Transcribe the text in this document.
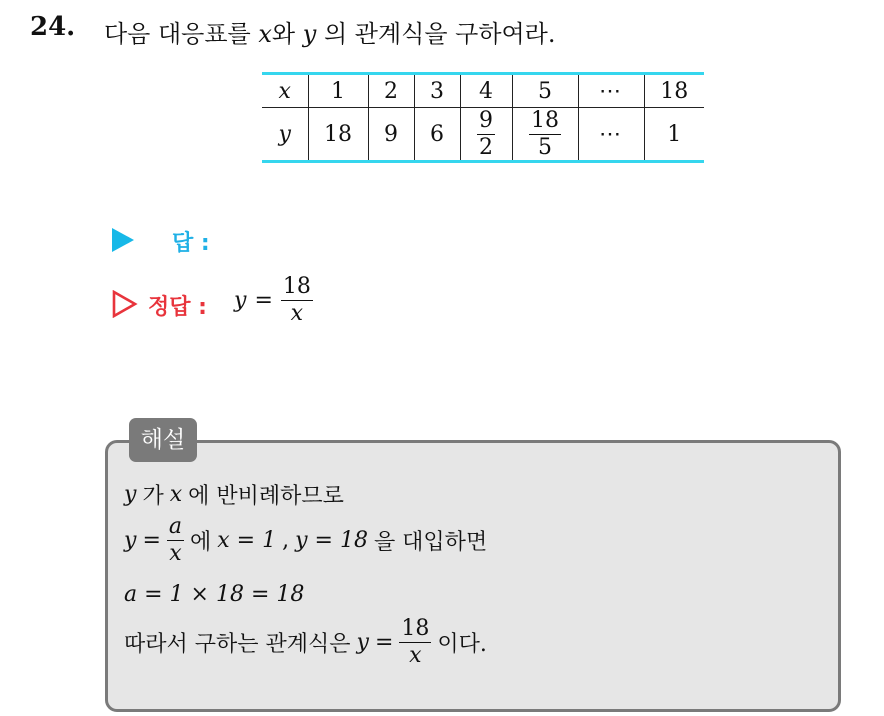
24. 다음 대응표를 x와 y 의 관계식을 구하여라.
x	1	2	3	4	5	⋯	18
y	18	9	6	$\frac{9}{2}$	$\frac{18}{5}$	⋯	1
답 :
정답 : $y = \frac{18}{x}$
해설
y 가 x 에 반비례하므로
$y = \frac{a}{x}$ 에 x = 1 , y = 18 을 대입하면
a = 1 × 18 = 18
따라서 구하는 관계식은 $y = \frac{18}{x}$ 이다.
